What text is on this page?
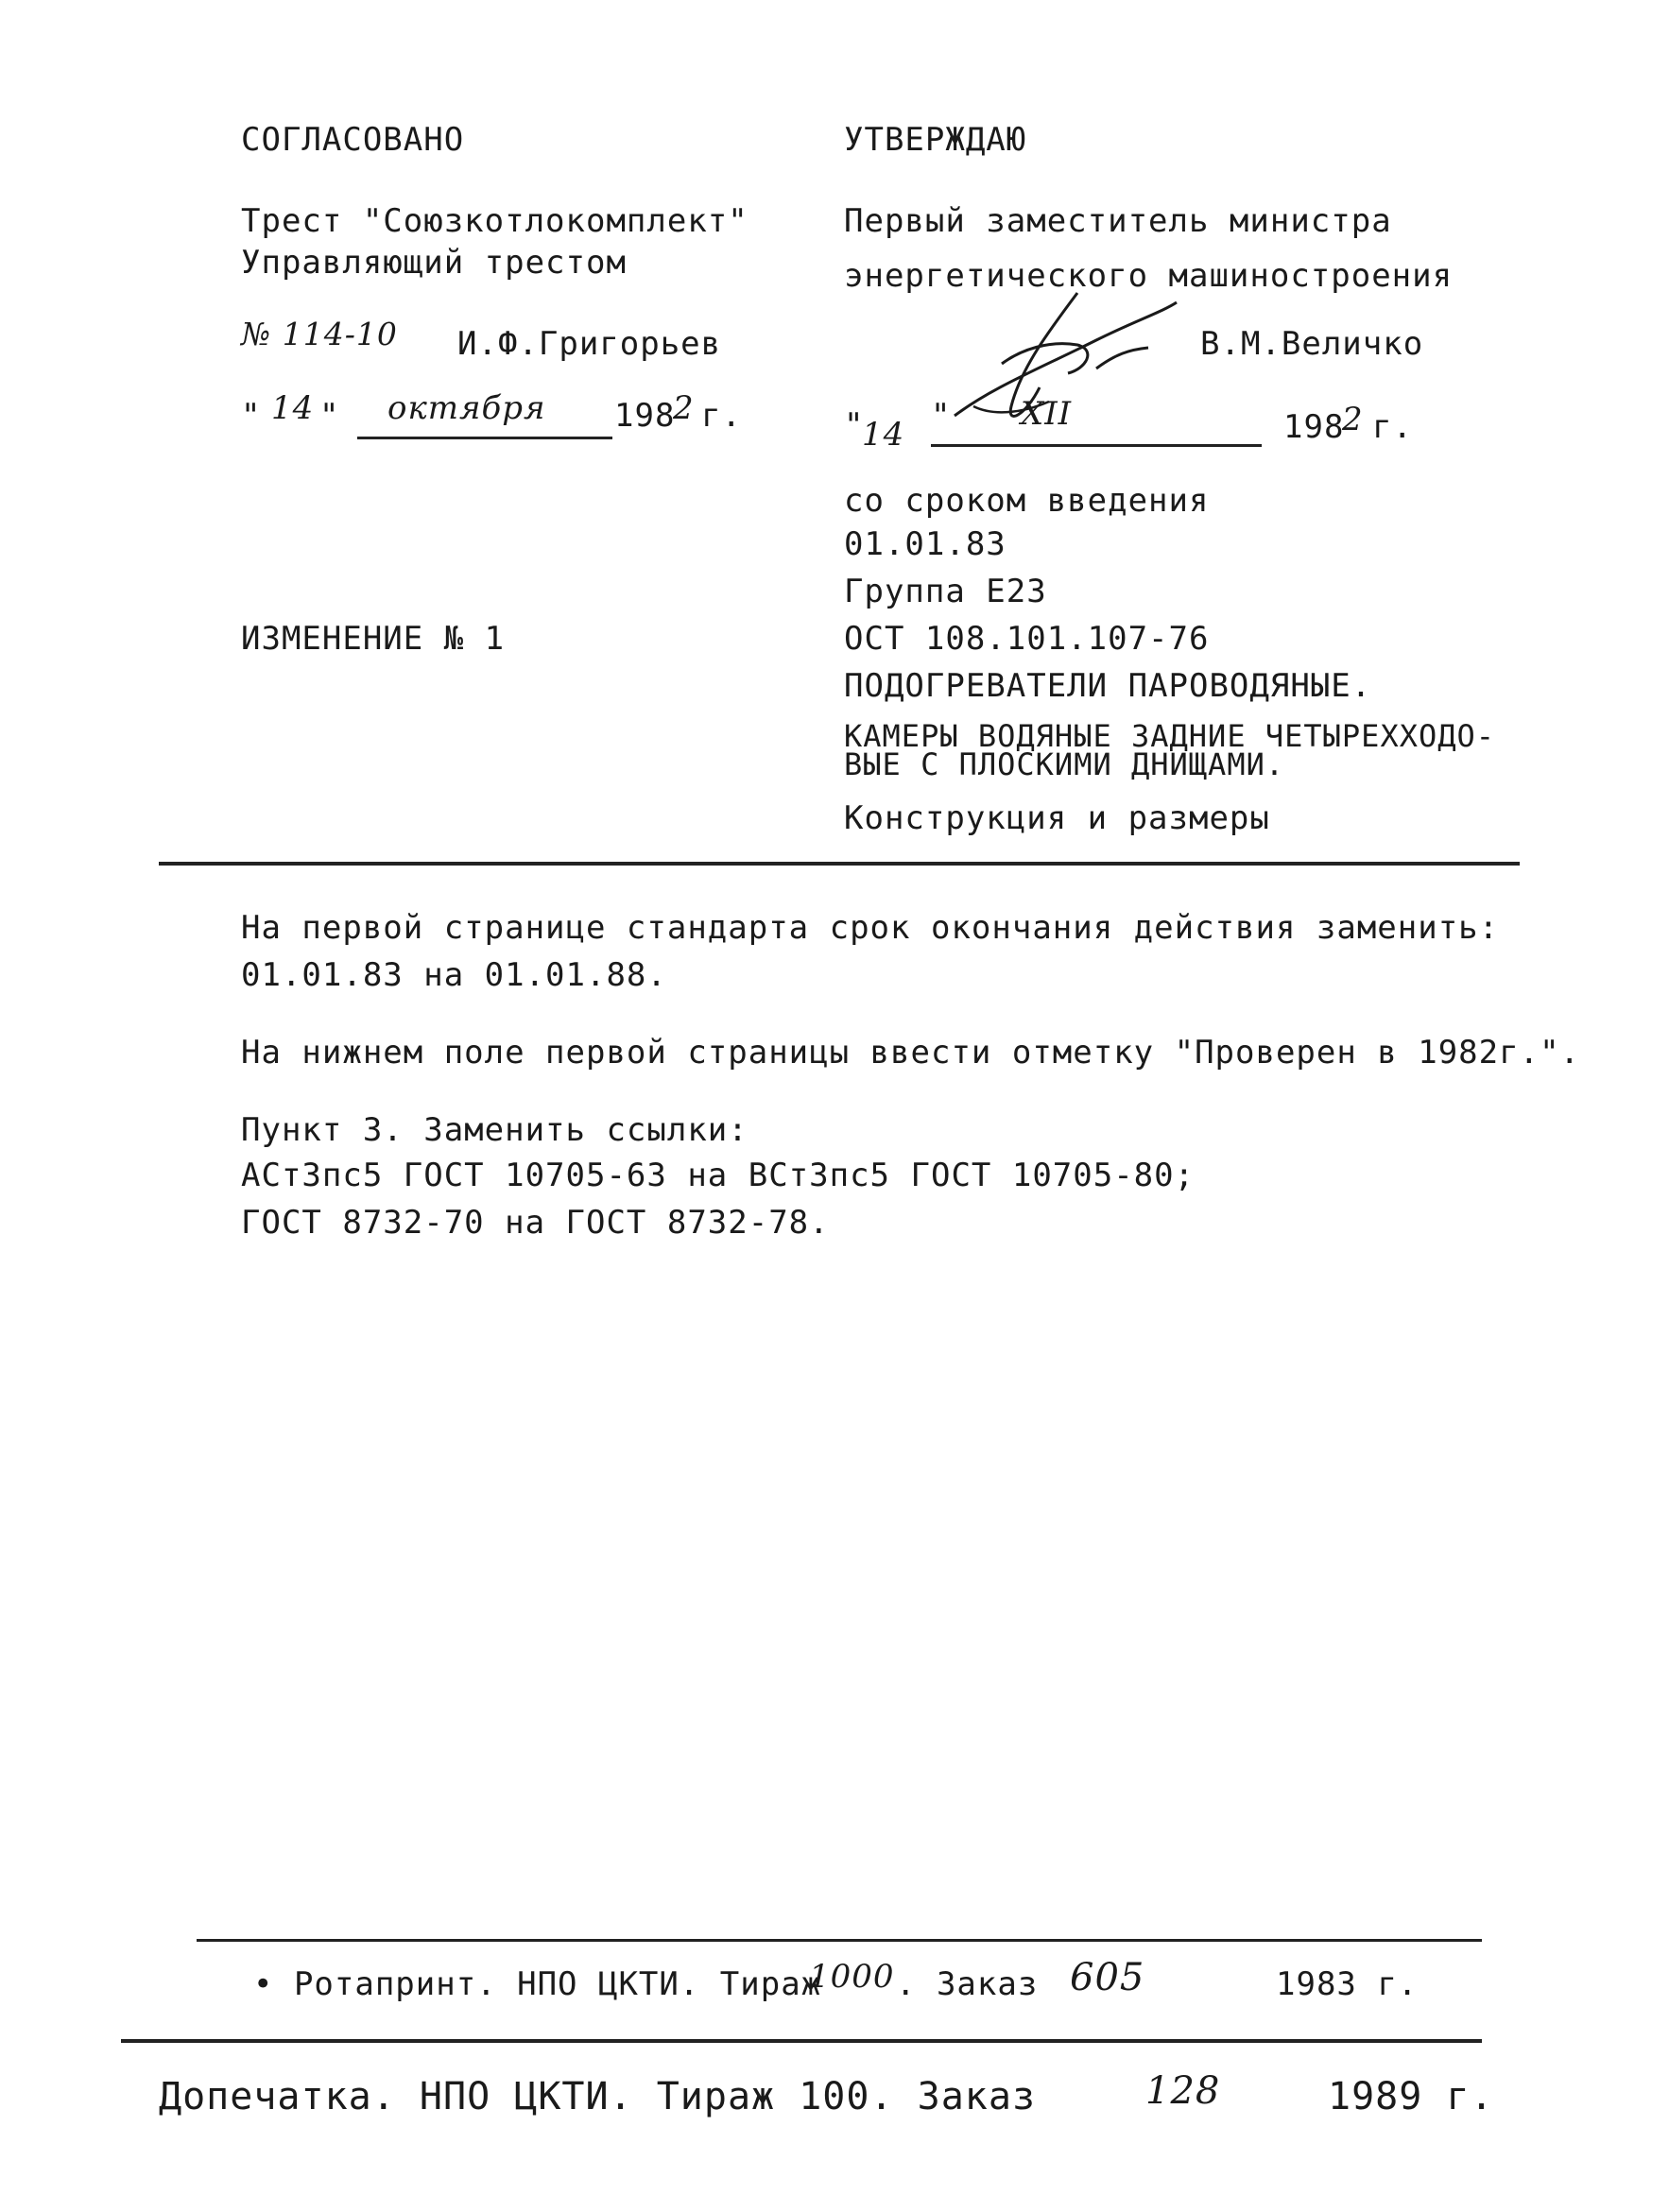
СОГЛАСОВАНО
Трест "Союзкотлокомплект"
Управляющий трестом
№ 114-10 И.Ф.Григорьев
" 14 " октября 198
2 г.
УТВЕРЖДАЮ
Первый заместитель министра
энергетического машиностроения
В.М.Величко
"
14 " XII	198
2 г.
со сроком введения
01.01.83
Группа Е23
ИЗМЕНЕНИЕ № 1	ОСТ 108.101.107-76
ПОДОГРЕВАТЕЛИ ПАРОВОДЯНЫЕ.
КАМЕРЫ ВОДЯНЫЕ ЗАДНИЕ ЧЕТЫРЕХХОДО-
ВЫЕ С ПЛОСКИМИ ДНИЩАМИ.
Конструкция и размеры
На первой странице стандарта срок окончания действия заменить:
01.01.83 на 01.01.88.
На нижнем поле первой страницы ввести отметку "Проверен в 1982г.".
Пункт 3. Заменить ссылки:
АСт3пс5 ГОСТ 10705-63 на ВСт3пс5 ГОСТ 10705-80;
ГОСТ 8732-70 на ГОСТ 8732-78.
• Ротапринт. НПО ЦКТИ. Тираж
1000 . Заказ 605	1983 г.
Допечатка. НПО ЦКТИ. Тираж 100. Заказ	128	1989 г.
